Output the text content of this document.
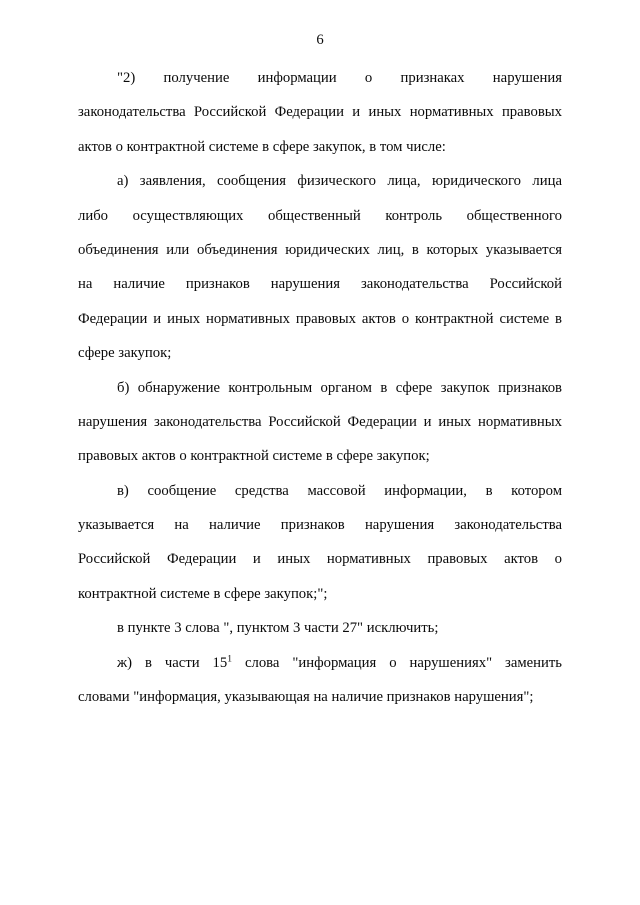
6
"2) получение информации о признаках нарушения
законодательства Российской Федерации и иных нормативных правовых
актов о контрактной системе в сфере закупок, в том числе:
а) заявления, сообщения физического лица, юридического лица
либо осуществляющих общественный контроль общественного
объединения или объединения юридических лиц, в которых указывается
на наличие признаков нарушения законодательства Российской
Федерации и иных нормативных правовых актов о контрактной системе в
сфере закупок;
б) обнаружение контрольным органом в сфере закупок признаков
нарушения законодательства Российской Федерации и иных нормативных
правовых актов о контрактной системе в сфере закупок;
в) сообщение средства массовой информации, в котором
указывается на наличие признаков нарушения законодательства
Российской Федерации и иных нормативных правовых актов о
контрактной системе в сфере закупок;";
в пункте 3 слова ", пунктом 3 части 27" исключить;
ж) в части $15^1$ слова "информация о нарушениях" заменить
словами "информация, указывающая на наличие признаков нарушения";
